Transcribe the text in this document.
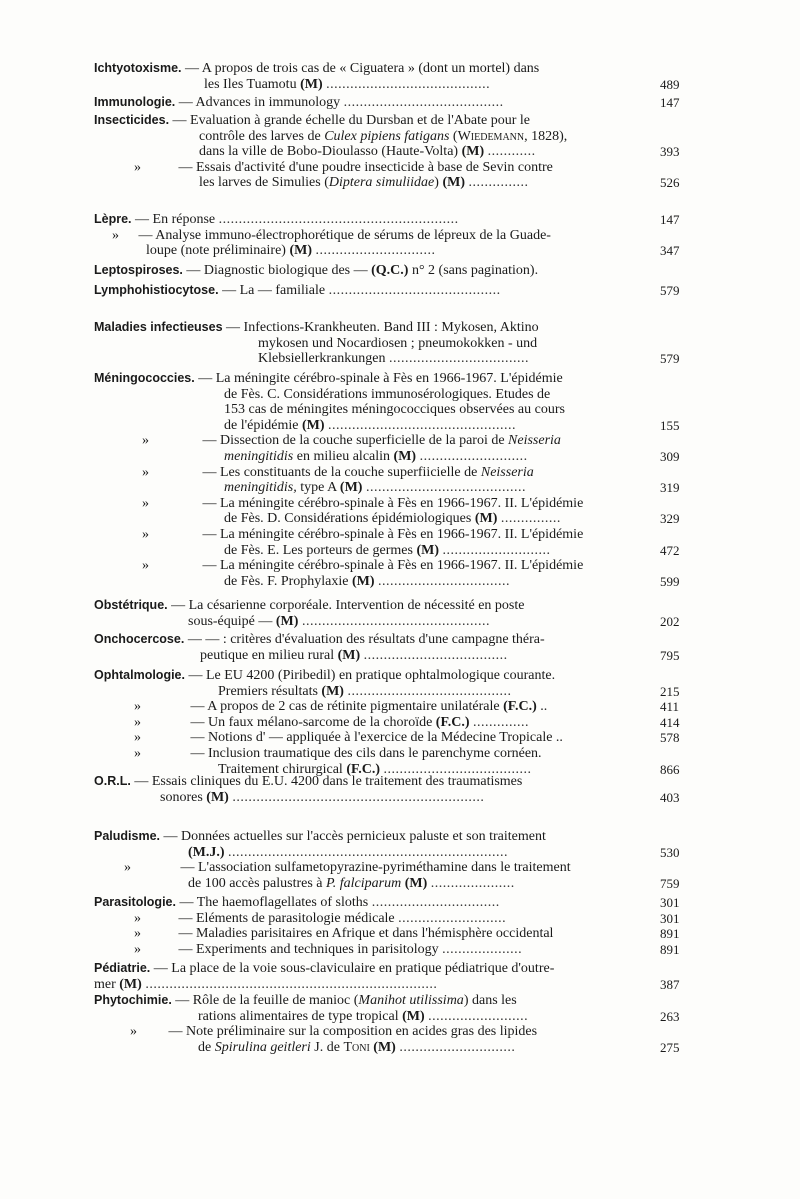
Ichtyotoxisme. — A propos de trois cas de « Ciguatera » (dont un mortel) dans
les Iles Tuamotu (M) .........................................	489
Immunologie. — Advances in immunology ........................................	147
Insecticides. — Evaluation à grande échelle du Dursban et de l'Abate pour le
contrôle des larves de Culex pipiens fatigans (Wiedemann, 1828),
dans la ville de Bobo-Dioulasso (Haute-Volta) (M) ............	393
» — Essais d'activité d'une poudre insecticide à base de Sevin contre
les larves de Simulies (Diptera simuliidae) (M) ...............	526
Lèpre. — En réponse ............................................................	147
» — Analyse immuno-électrophorétique de sérums de lépreux de la Guade-
loupe (note préliminaire) (M) ..............................	347
Leptospiroses. — Diagnostic biologique des — (Q.C.) n° 2 (sans pagination).
Lymphohistiocytose. — La — familiale ...........................................	579
Maladies infectieuses — Infections-Krankheuten. Band III : Mykosen, Aktino
mykosen und Nocardiosen ; pneumokokken - und
Klebsiellerkrankungen ...................................	579
Méningococcies. — La méningite cérébro-spinale à Fès en 1966-1967. L'épidémie
de Fès. C. Considérations immunosérologiques. Etudes de
153 cas de méningites méningococciques observées au cours
de l'épidémie (M) ...............................................	155
»	— Dissection de la couche superficielle de la paroi de Neisseria
meningitidis en milieu alcalin (M) ...........................	309
»	— Les constituants de la couche superfiicielle de Neisseria
meningitidis, type A (M) ........................................	319
»	— La méningite cérébro-spinale à Fès en 1966-1967. II. L'épidémie
de Fès. D. Considérations épidémiologiques (M) ...............	329
»	— La méningite cérébro-spinale à Fès en 1966-1967. II. L'épidémie
de Fès. E. Les porteurs de germes (M) ...........................	472
»	— La méningite cérébro-spinale à Fès en 1966-1967. II. L'épidémie
de Fès. F. Prophylaxie (M) .................................	599
Obstétrique. — La césarienne corporéale. Intervention de nécessité en poste
sous-équipé — (M) ...............................................	202
Onchocercose. — — : critères d'évaluation des résultats d'une campagne théra-
peutique en milieu rural (M) ....................................	795
Ophtalmologie. — Le EU 4200 (Piribedil) en pratique ophtalmologique courante.
Premiers résultats (M) .........................................	215
»	— A propos de 2 cas de rétinite pigmentaire unilatérale (F.C.) ..	411
»	— Un faux mélano-sarcome de la choroïde (F.C.) ..............	414
»	— Notions d' — appliquée à l'exercice de la Médecine Tropicale ..	578
»	— Inclusion traumatique des cils dans le parenchyme cornéen.
Traitement chirurgical (F.C.) .....................................	866
O.R.L. — Essais cliniques du E.U. 4200 dans le traitement des traumatismes
sonores (M) ...............................................................	403
Paludisme. — Données actuelles sur l'accès pernicieux paluste et son traitement
(M.J.) ......................................................................	530
»	— L'association sulfametopyrazine-pyriméthamine dans le traitement
de 100 accès palustres à P. falciparum (M) .....................	759
Parasitologie. — The haemoflagellates of sloths ................................	301
» — Eléments de parasitologie médicale ...........................	301
» — Maladies parisitaires en Afrique et dans l'hémisphère occidental	891
» — Experiments and techniques in parisitology ....................	891
Pédiatrie. — La place de la voie sous-claviculaire en pratique pédiatrique d'outre-
mer (M) .........................................................................	387
Phytochimie. — Rôle de la feuille de manioc (Manihot utilissima) dans les
rations alimentaires de type tropical (M) .........................	263
» — Note préliminaire sur la composition en acides gras des lipides
de Spirulina geitleri J. de Toni (M) .............................	275
